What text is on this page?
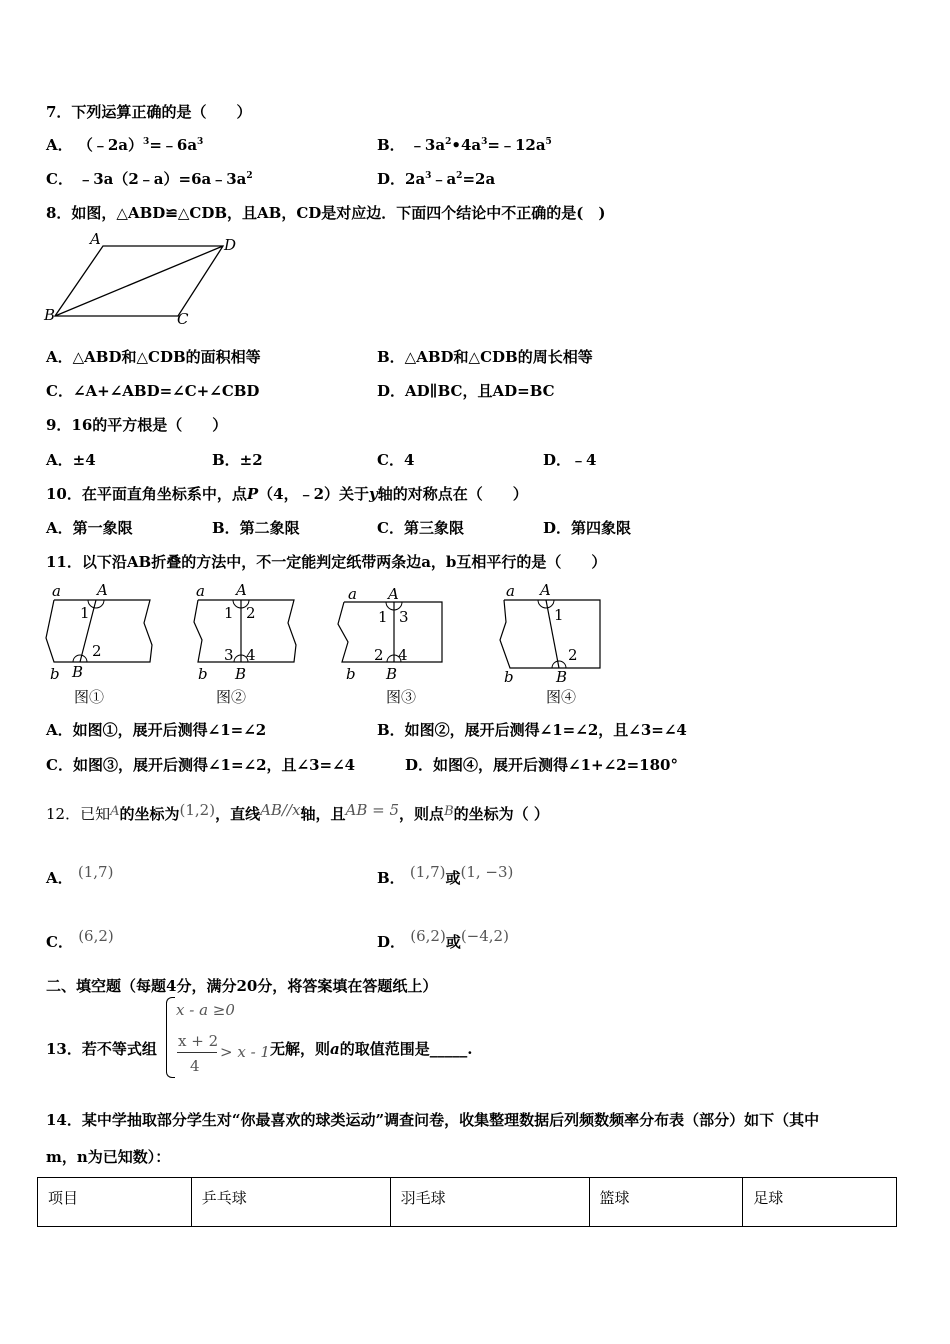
7．下列运算正确的是（　　）
A． $(﹣2a)^3=﹣6a^3$	B． $﹣3a^2•4a^3=﹣12a^5$
C． $﹣3a(2﹣a)=6a﹣3a^2$	D．$2a^3﹣a^2=2a$
8．如图，△ABD≌△CDB，且AB，CD是对应边．下面四个结论中不正确的是(　)
A	D
B	C
A．△ABD和△CDB的面积相等	B．△ABD和△CDB的周长相等
C．∠A+∠ABD=∠C+∠CBD	D．AD∥BC，且AD=BC
9．16的平方根是（　　）
A．±4	B．±2	C．4	D．﹣4
10．在平面直角坐标系中，点P（4，﹣2）关于y轴的对称点在（　　）
A．第一象限	B．第二象限	C．第三象限	D．第四象限
11．以下沿AB折叠的方法中，不一定能判定纸带两条边a，b互相平行的是（　　）
a A
1
2
b B
图①
a A
1 2
3 4
b B
图②
a A
1 3
2 4
b B
图③
a A
1
2
b	B
图④
A．如图①，展开后测得∠1=∠2	B．如图②，展开后测得∠1=∠2，且∠3=∠4
C．如图③，展开后测得∠1=∠2，且∠3=∠4	D．如图④，展开后测得∠1+∠2=180°
12．已知A的坐标为(1,2)，直线AB//x轴，且AB = 5，则点B的坐标为（ ）
A． (1,7)	B． (1,7)或(1, −3)
C． (6,2)	D． (6,2)或(−4,2)
二、填空题（每题4分，满分20分，将答案填在答题纸上）
13．若不等式组
x - a ≥0
x + 2
4
> x - 1 无解，则a的取值范围是_____.
14．某中学抽取部分学生对“你最喜欢的球类运动”调查问卷，收集整理数据后列频数频率分布表（部分）如下（其中
m，n为已知数）：
项目	乒乓球	羽毛球	篮球	足球
